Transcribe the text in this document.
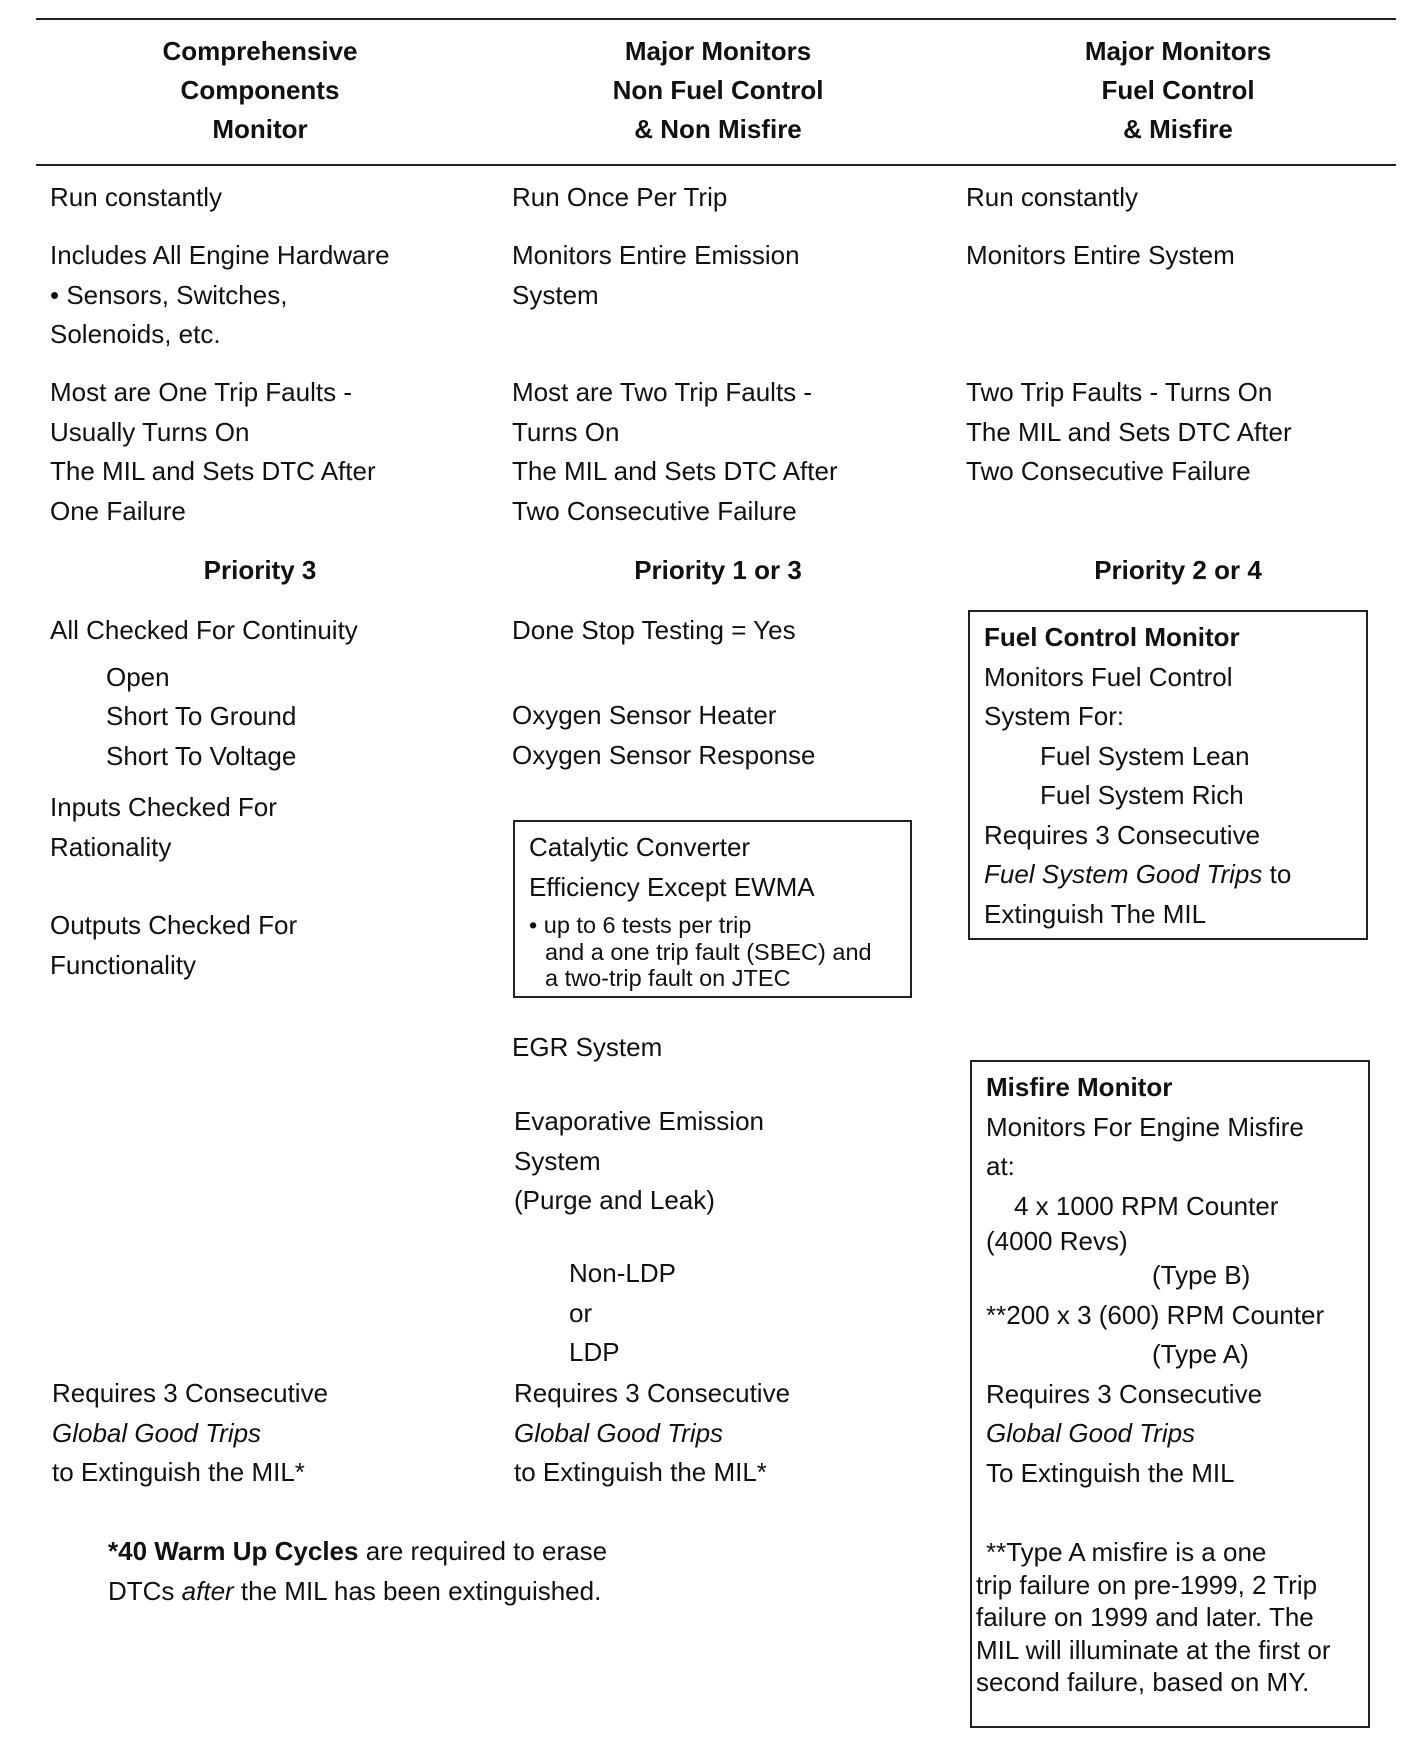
Comprehensive
Components
Monitor
Major Monitors
Non Fuel Control
& Non Misfire
Major Monitors
Fuel Control
& Misfire
Run constantly
Includes All Engine Hardware
• Sensors, Switches,
Solenoids, etc.
Most are One Trip Faults -
Usually Turns On
The MIL and Sets DTC After
One Failure
Priority 3
All Checked For Continuity
Open
Short To Ground
Short To Voltage
Inputs Checked For
Rationality
Outputs Checked For
Functionality
Requires 3 Consecutive
Global Good Trips
to Extinguish the MIL*
*40 Warm Up Cycles are required to erase
DTCs after the MIL has been extinguished.
Run Once Per Trip
Monitors Entire Emission
System
Most are Two Trip Faults -
Turns On
The MIL and Sets DTC After
Two Consecutive Failure
Priority 1 or 3
Done Stop Testing = Yes
Oxygen Sensor Heater
Oxygen Sensor Response
Catalytic Converter
Efficiency Except EWMA
• up to 6 tests per trip
and a one trip fault (SBEC) and
a two-trip fault on JTEC
EGR System
Evaporative Emission
System
(Purge and Leak)
Non-LDP
or
LDP
Requires 3 Consecutive
Global Good Trips
to Extinguish the MIL*
Run constantly
Monitors Entire System
Two Trip Faults - Turns On
The MIL and Sets DTC After
Two Consecutive Failure
Priority 2 or 4
Fuel Control Monitor
Monitors Fuel Control
System For:
Fuel System Lean
Fuel System Rich
Requires 3 Consecutive
Fuel System Good Trips to
Extinguish The MIL
Misfire Monitor
Monitors For Engine Misfire
at:
4 x 1000 RPM Counter
(4000 Revs)
(Type B)
**200 x 3 (600) RPM Counter
(Type A)
Requires 3 Consecutive
Global Good Trips
To Extinguish the MIL
**Type A misfire is a one
trip failure on pre-1999, 2 Trip
failure on 1999 and later. The
MIL will illuminate at the first or
second failure, based on MY.
